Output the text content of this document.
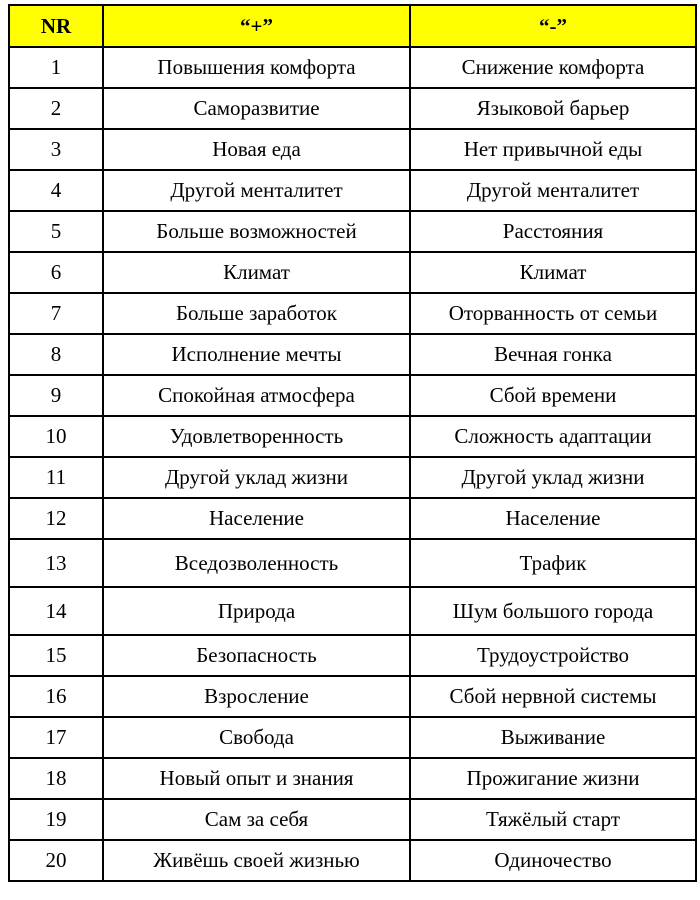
NR	“+”	“-”
1	Повышения комфорта	Снижение комфорта
2	Саморазвитие	Языковой барьер
3	Новая еда	Нет привычной еды
4	Другой менталитет	Другой менталитет
5	Больше возможностей	Расстояния
6	Климат	Климат
7	Больше заработок	Оторванность от семьи
8	Исполнение мечты	Вечная гонка
9	Спокойная атмосфера	Сбой времени
10	Удовлетворенность	Сложность адаптации
11	Другой уклад жизни	Другой уклад жизни
12	Население	Население
13	Вседозволенность	Трафик
14	Природа	Шум большого города
15	Безопасность	Трудоустройство
16	Взросление	Сбой нервной системы
17	Свобода	Выживание
18	Новый опыт и знания	Прожигание жизни
19	Сам за себя	Тяжёлый старт
20	Живёшь своей жизнью	Одиночество
